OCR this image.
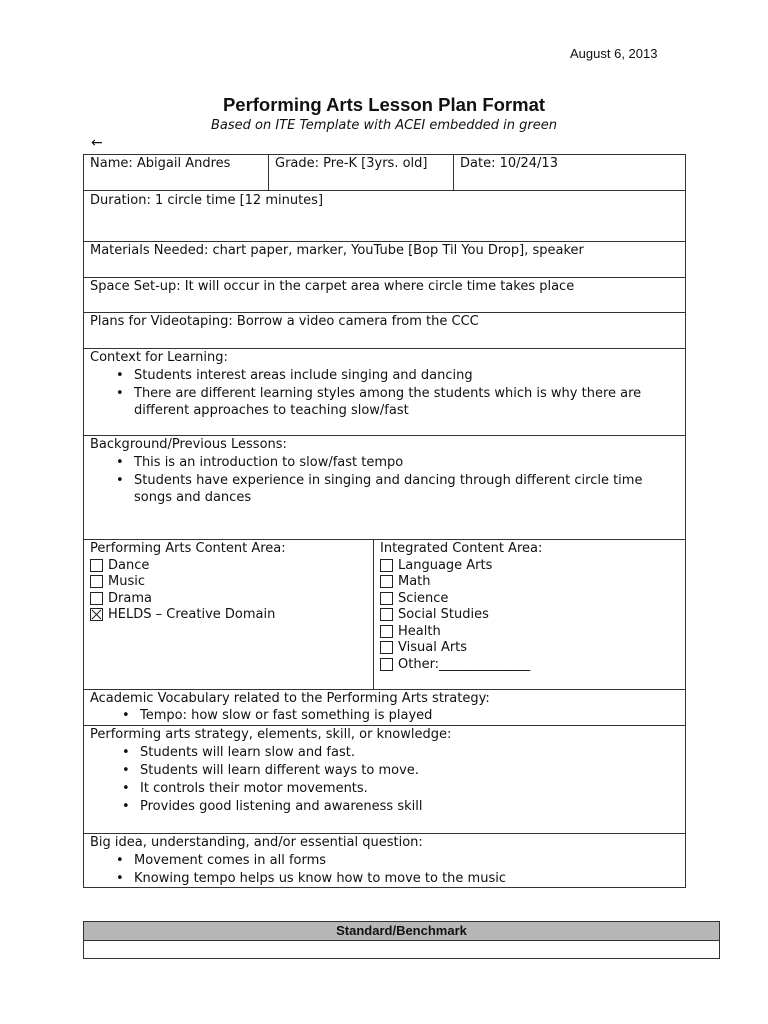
August 6, 2013
Performing Arts Lesson Plan Format
Based on ITE Template with ACEI embedded in green
←
Name: Abigail Andres	Grade: Pre-K [3yrs. old]	Date: 10/24/13
Duration: 1 circle time [12 minutes]
Materials Needed: chart paper, marker, YouTube [Bop Til You Drop], speaker
Space Set-up: It will occur in the carpet area where circle time takes place
Plans for Videotaping: Borrow a video camera from the CCC
Context for Learning:
• Students interest areas include singing and dancing
• There are different learning styles among the students which is why there are different approaches to teaching slow/fast
Background/Previous Lessons:
• This is an introduction to slow/fast tempo
• Students have experience in singing and dancing through different circle time songs and dances
Performing Arts Content Area:
Dance
Music
Drama
HELDS – Creative Domain
Integrated Content Area:
Language Arts
Math
Science
Social Studies
Health
Visual Arts
Other:______________
Academic Vocabulary related to the Performing Arts strategy:
• Tempo: how slow or fast something is played
Performing arts strategy, elements, skill, or knowledge:
• Students will learn slow and fast.
• Students will learn different ways to move.
• It controls their motor movements.
• Provides good listening and awareness skill
Big idea, understanding, and/or essential question:
• Movement comes in all forms
• Knowing tempo helps us know how to move to the music
Standard/Benchmark
